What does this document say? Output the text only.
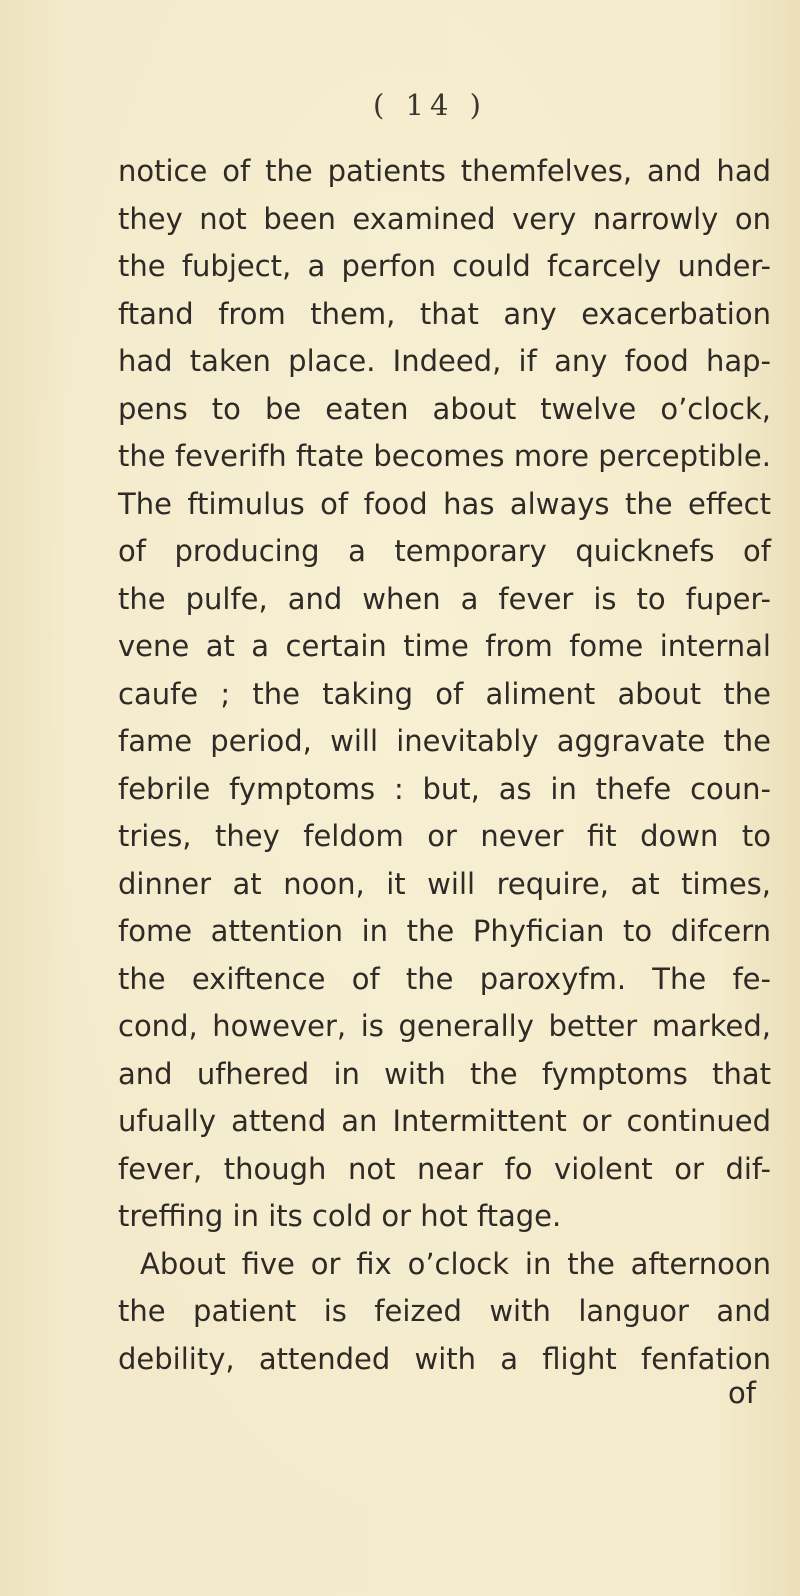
( 14 )
notice of the patients themfelves, and had
they not been examined very narrowly on
the fubject, a perfon could fcarcely under-
ftand from them, that any exacerbation
had taken place. Indeed, if any food hap-
pens to be eaten about twelve o’clock,
the feverifh ftate becomes more perceptible.
The ftimulus of food has always the effect
of producing a temporary quicknefs of
the pulfe, and when a fever is to fuper-
vene at a certain time from fome internal
caufe ; the taking of aliment about the
fame period, will inevitably aggravate the
febrile fymptoms : but, as in thefe coun-
tries, they feldom or never fit down to
dinner at noon, it will require, at times,
fome attention in the Phyfician to difcern
the exiftence of the paroxyfm. The fe-
cond, however, is generally better marked,
and ufhered in with the fymptoms that
ufually attend an Intermittent or continued
fever, though not near fo violent or dif-
treffing in its cold or hot ftage.
About five or fix o’clock in the afternoon
the patient is feized with languor and
debility, attended with a flight fenfation
of
